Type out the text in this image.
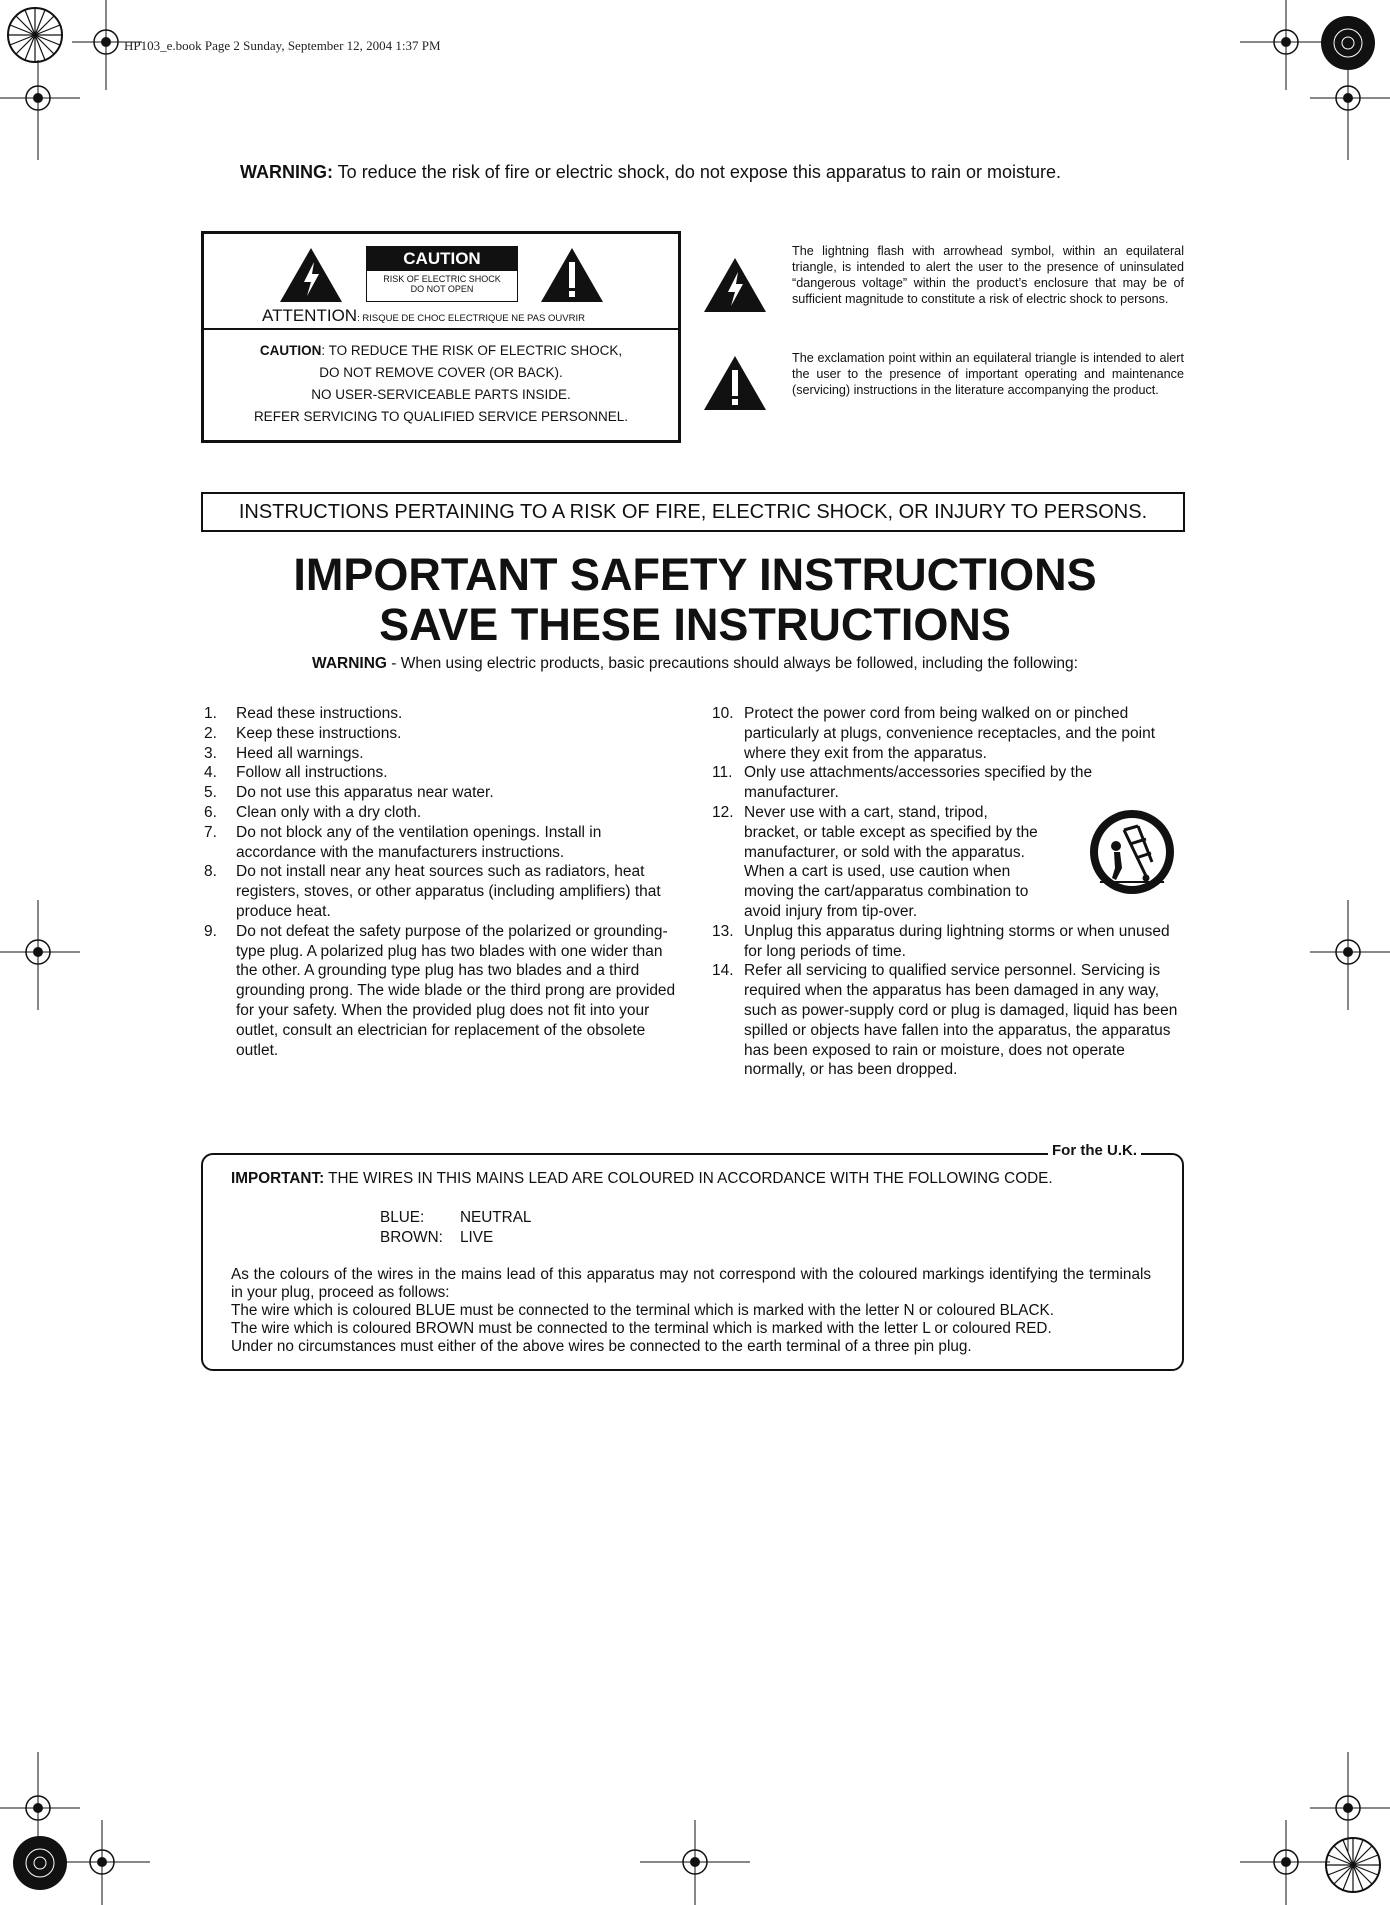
HP103_e.book Page 2 Sunday, September 12, 2004 1:37 PM
WARNING: To reduce the risk of fire or electric shock, do not expose this apparatus to rain or moisture.
CAUTION
RISK OF ELECTRIC SHOCK
DO NOT OPEN
ATTENTION: RISQUE DE CHOC ELECTRIQUE NE PAS OUVRIR
CAUTION: TO REDUCE THE RISK OF ELECTRIC SHOCK,
DO NOT REMOVE COVER (OR BACK).
NO USER-SERVICEABLE PARTS INSIDE.
REFER SERVICING TO QUALIFIED SERVICE PERSONNEL.
The lightning flash with arrowhead symbol, within an equilateral triangle, is intended to alert the user to the presence of uninsulated “dangerous voltage” within the product’s enclosure that may be of sufficient magnitude to constitute a risk of electric shock to persons.
The exclamation point within an equilateral triangle is intended to alert the user to the presence of important operating and maintenance (servicing) instructions in the literature accompanying the product.
INSTRUCTIONS PERTAINING TO A RISK OF FIRE, ELECTRIC SHOCK, OR INJURY TO PERSONS.
IMPORTANT SAFETY INSTRUCTIONS
SAVE THESE INSTRUCTIONS
WARNING - When using electric products, basic precautions should always be followed, including the following:
1.	Read these instructions.
2.	Keep these instructions.
3.	Heed all warnings.
4.	Follow all instructions.
5.	Do not use this apparatus near water.
6.	Clean only with a dry cloth.
7.	Do not block any of the ventilation openings. Install in accordance with the manufacturers instructions.
8.	Do not install near any heat sources such as radiators, heat registers, stoves, or other apparatus (including amplifiers) that produce heat.
9.	Do not defeat the safety purpose of the polarized or grounding-type plug. A polarized plug has two blades with one wider than the other. A grounding type plug has two blades and a third grounding prong. The wide blade or the third prong are provided for your safety. When the provided plug does not fit into your outlet, consult an electrician for replacement of the obsolete outlet.
10. Protect the power cord from being walked on or pinched particularly at plugs, convenience receptacles, and the point where they exit from the apparatus.
11. Only use attachments/accessories specified by the manufacturer.
12. Never use with a cart, stand, tripod, bracket, or table except as specified by the manufacturer, or sold with the apparatus. When a cart is used, use caution when moving the cart/apparatus combination to avoid injury from tip-over.
13. Unplug this apparatus during lightning storms or when unused for long periods of time.
14. Refer all servicing to qualified service personnel. Servicing is required when the apparatus has been damaged in any way, such as power-supply cord or plug is damaged, liquid has been spilled or objects have fallen into the apparatus, the apparatus has been exposed to rain or moisture, does not operate normally, or has been dropped.
For the U.K.
IMPORTANT: THE WIRES IN THIS MAINS LEAD ARE COLOURED IN ACCORDANCE WITH THE FOLLOWING CODE.
BLUE:	NEUTRAL
BROWN:	LIVE
As the colours of the wires in the mains lead of this apparatus may not correspond with the coloured markings identifying the terminals in your plug, proceed as follows:
The wire which is coloured BLUE must be connected to the terminal which is marked with the letter N or coloured BLACK.
The wire which is coloured BROWN must be connected to the terminal which is marked with the letter L or coloured RED.
Under no circumstances must either of the above wires be connected to the earth terminal of a three pin plug.
